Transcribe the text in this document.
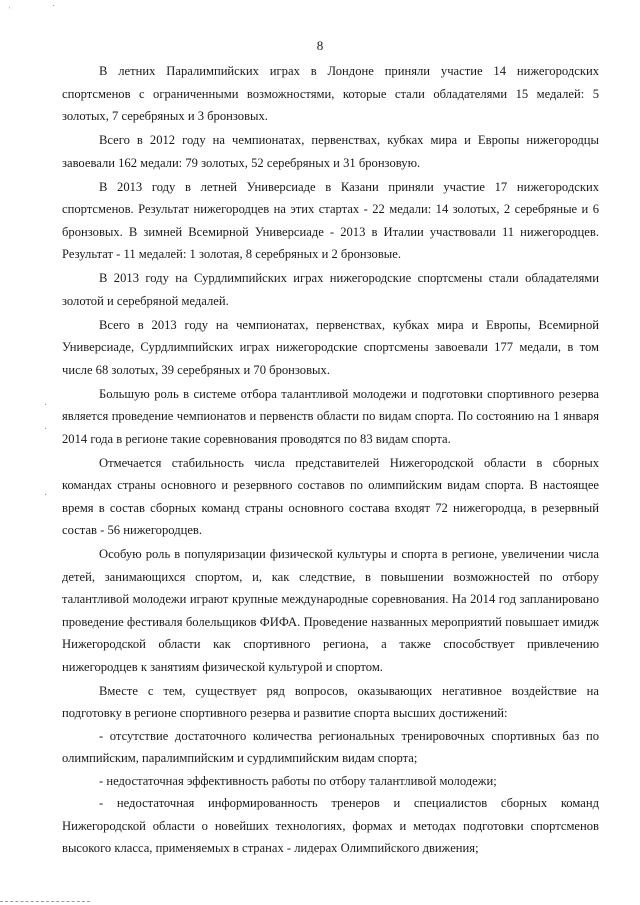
8
ˈ	˙
·
·
·

В летних Паралимпийских играх в Лондоне приняли участие 14 нижегородских спортсменов с ограниченными возможностями, которые стали обладателями 15 медалей: 5 золотых, 7 серебряных и 3 бронзовых.

Всего в 2012 году на чемпионатах, первенствах, кубках мира и Европы нижегородцы завоевали 162 медали: 79 золотых, 52 серебряных и 31 бронзовую.

В 2013 году в летней Универсиаде в Казани приняли участие 17 нижегородских спортсменов. Результат нижегородцев на этих стартах - 22 медали: 14 золотых, 2 серебряные и 6 бронзовых. В зимней Всемирной Универсиаде - 2013 в Италии участвовали 11 нижегородцев. Результат - 11 медалей: 1 золотая, 8 серебряных и 2 бронзовые.

В 2013 году на Сурдлимпийских играх нижегородские спортсмены стали обладателями золотой и серебряной медалей.

Всего в 2013 году на чемпионатах, первенствах, кубках мира и Европы, Всемирной Универсиаде, Сурдлимпийских играх нижегородские спортсмены завоевали 177 медали, в том числе 68 золотых, 39 серебряных и 70 бронзовых.

Большую роль в системе отбора талантливой молодежи и подготовки спортивного резерва является проведение чемпионатов и первенств области по видам спорта. По состоянию на 1 января 2014 года в регионе такие соревнования проводятся по 83 видам спорта.

Отмечается стабильность числа представителей Нижегородской области в сборных командах страны основного и резервного составов по олимпийским видам спорта. В настоящее время в состав сборных команд страны основного состава входят 72 нижегородца, в резервный состав - 56 нижегородцев.

Особую роль в популяризации физической культуры и спорта в регионе, увеличении числа детей, занимающихся спортом, и, как следствие, в повышении возможностей по отбору талантливой молодежи играют крупные международные соревнования. На 2014 год запланировано проведение фестиваля болельщиков ФИФА. Проведение названных мероприятий повышает имидж Нижегородской области как спортивного региона, а также способствует привлечению нижегородцев к занятиям физической культурой и спортом.

Вместе с тем, существует ряд вопросов, оказывающих негативное воздействие на подготовку в регионе спортивного резерва и развитие спорта высших достижений:

- отсутствие достаточного количества региональных тренировочных спортивных баз по олимпийским, паралимпийским и сурдлимпийским видам спорта;

- недостаточная эффективность работы по отбору талантливой молодежи;

- недостаточная информированность тренеров и специалистов сборных команд Нижегородской области о новейших технологиях, формах и методах подготовки спортсменов высокого класса, применяемых в странах - лидерах Олимпийского движения;
